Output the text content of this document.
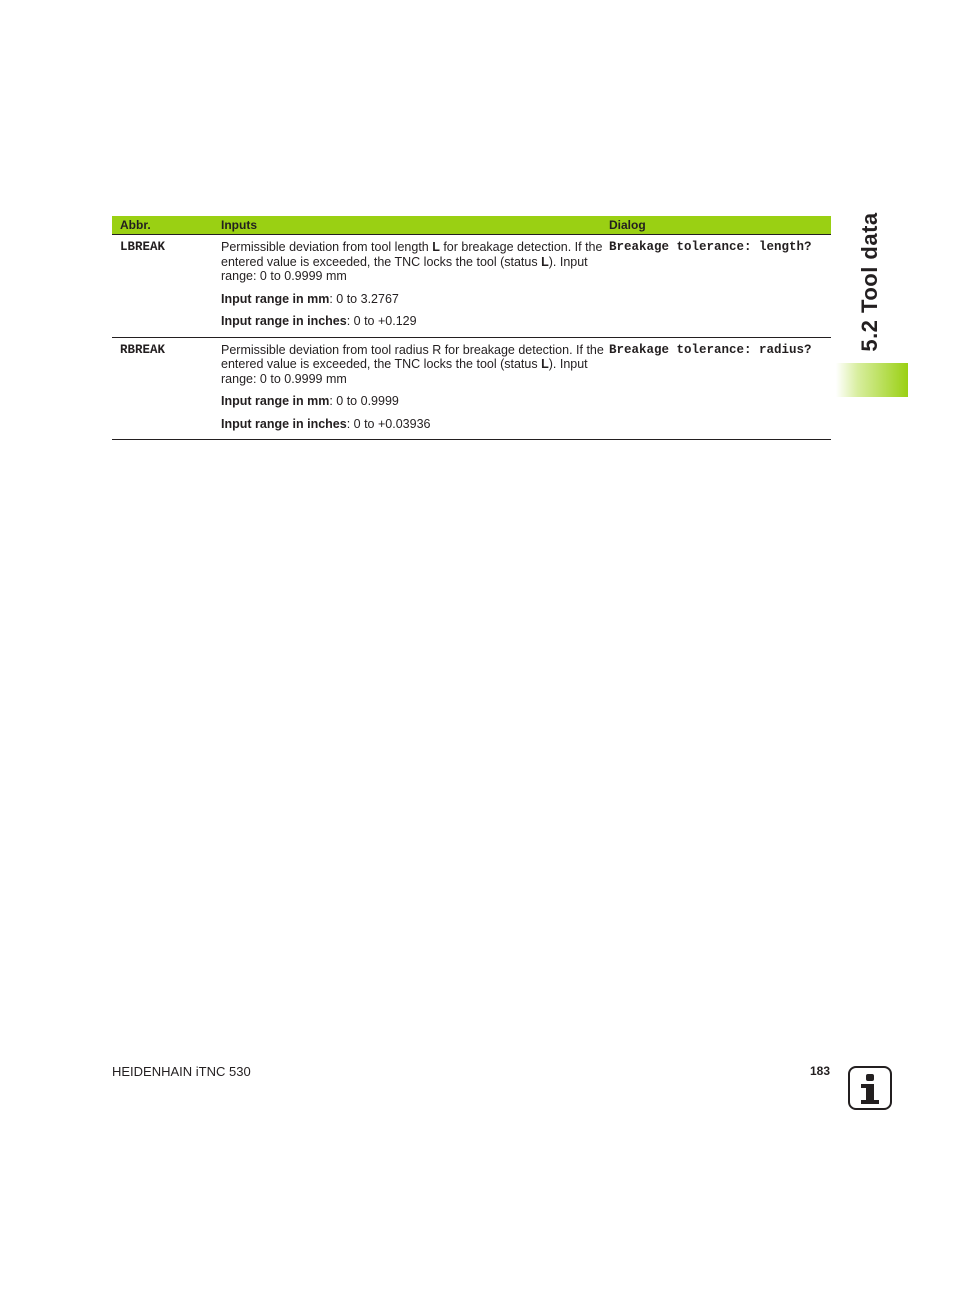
5.2 Tool data
Abbr.	Inputs	Dialog
LBREAK	Permissible deviation from tool length L for breakage detection. If the entered value is exceeded, the TNC locks the tool (status L). Input range: 0 to 0.9999 mm

Input range in mm: 0 to 3.2767

Input range in inches: 0 to +0.129	Breakage tolerance: length?
RBREAK	Permissible deviation from tool radius R for breakage detection. If the entered value is exceeded, the TNC locks the tool (status L). Input range: 0 to 0.9999 mm

Input range in mm: 0 to 0.9999

Input range in inches: 0 to +0.03936	Breakage tolerance: radius?
HEIDENHAIN iTNC 530	183
